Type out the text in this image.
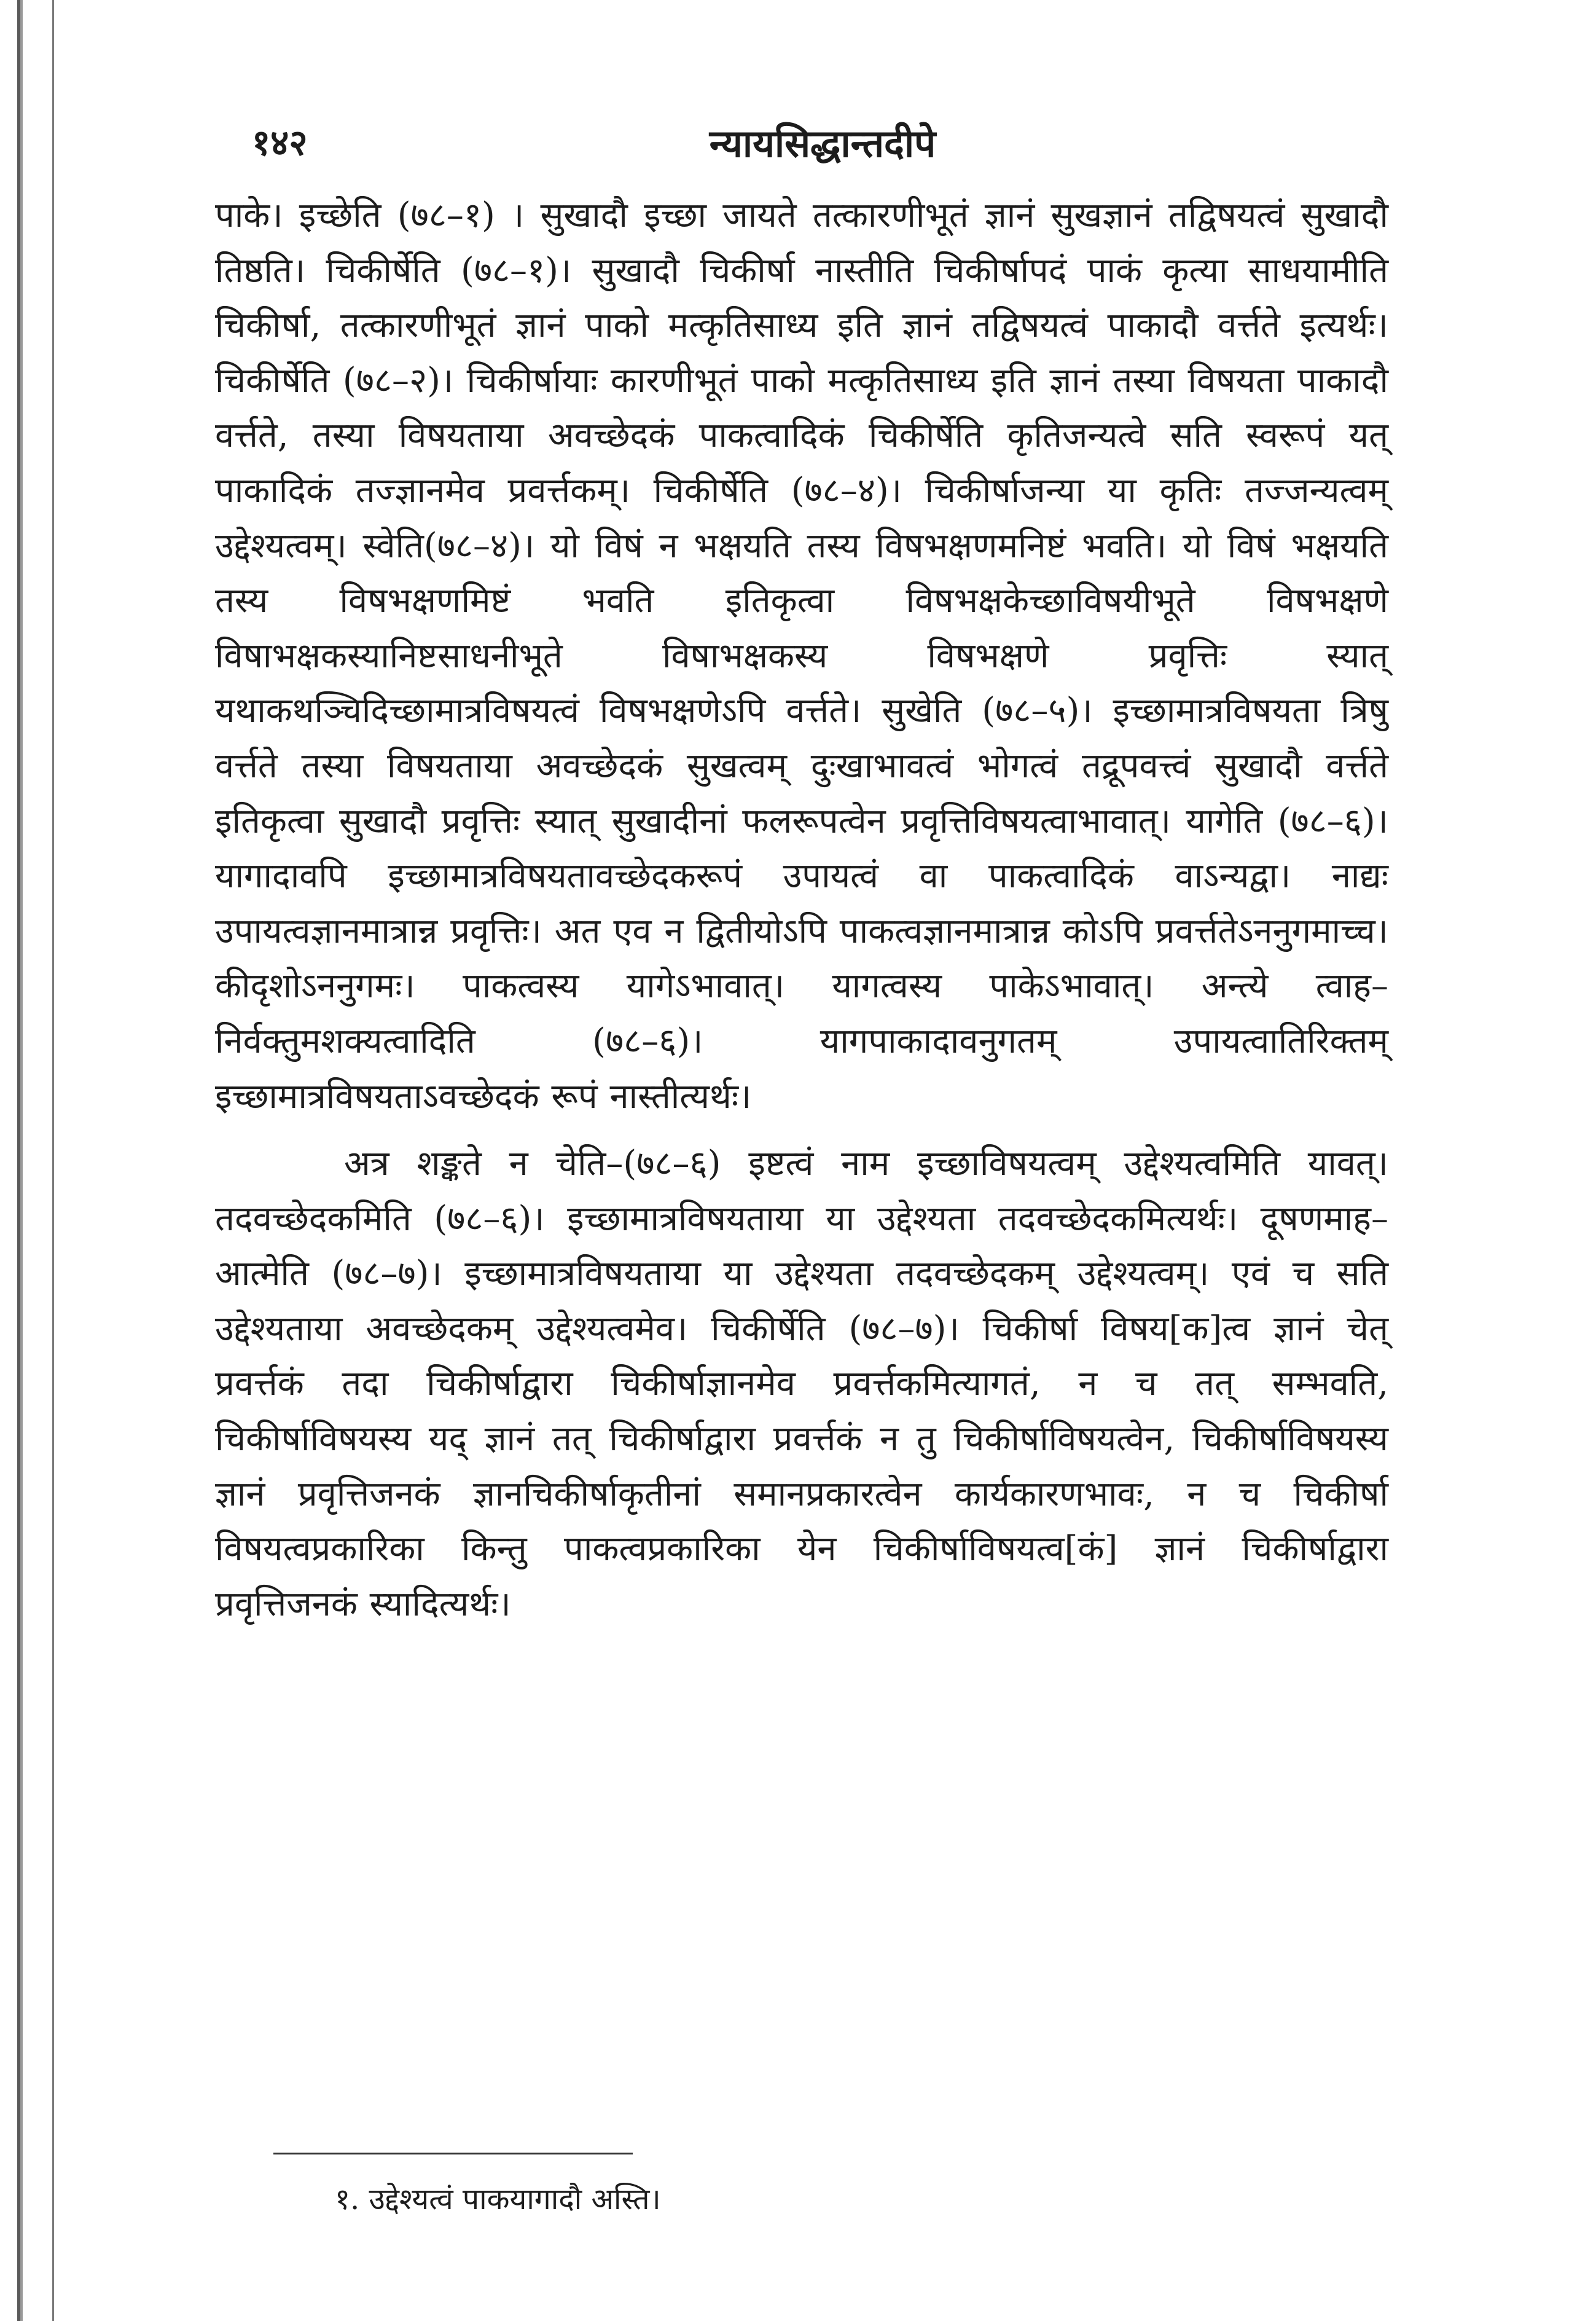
१४२	न्यायसिद्धान्तदीपे

पाके। इच्छेति (७८–१) । सुखादौ इच्छा जायते तत्कारणीभूतं ज्ञानं सुखज्ञानं तद्विषयत्वं सुखादौ तिष्ठति। चिकीर्षेति (७८–१)। सुखादौ चिकीर्षा नास्तीति चिकीर्षापदं पाकं कृत्या साधयामीति चिकीर्षा, तत्कारणीभूतं ज्ञानं पाको मत्कृतिसाध्य इति ज्ञानं तद्विषयत्वं पाकादौ वर्त्तते इत्यर्थः। चिकीर्षेति (७८–२)। चिकीर्षायाः कारणीभूतं पाको मत्कृतिसाध्य इति ज्ञानं तस्या विषयता पाकादौ वर्त्तते, तस्या विषयताया अवच्छेदकं पाकत्वादिकं चिकीर्षेति कृतिजन्यत्वे सति स्वरूपं यत् पाकादिकं तज्ज्ञानमेव प्रवर्त्तकम्। चिकीर्षेति (७८–४)। चिकीर्षाजन्या या कृतिः तज्जन्यत्वम् उद्देश्यत्वम्। स्वेति(७८–४)। यो विषं न भक्षयति तस्य विषभक्षणमनिष्टं भवति। यो विषं भक्षयति तस्य विषभक्षणमिष्टं भवति इतिकृत्वा विषभक्षकेच्छाविषयीभूते विषभक्षणे विषाभक्षकस्यानिष्टसाधनीभूते विषाभक्षकस्य विषभक्षणे प्रवृत्तिः स्यात् यथाकथञ्चिदिच्छामात्रविषयत्वं विषभक्षणेऽपि वर्त्तते। सुखेति (७८–५)। इच्छामात्रविषयता त्रिषु वर्त्तते तस्या विषयताया अवच्छेदकं सुखत्वम् दुःखाभावत्वं भोगत्वं तद्रूपवत्त्वं सुखादौ वर्त्तते इतिकृत्वा सुखादौ प्रवृत्तिः स्यात् सुखादीनां फलरूपत्वेन प्रवृत्तिविषयत्वाभावात्। यागेति (७८–६)। यागादावपि इच्छामात्रविषयतावच्छेदकरूपं उपायत्वं वा पाकत्वादिकं वाऽन्यद्वा। नाद्यः उपायत्वज्ञानमात्रान्न प्रवृत्तिः। अत एव न द्वितीयोऽपि पाकत्वज्ञानमात्रान्न कोऽपि प्रवर्त्ततेऽननुगमाच्च। कीदृशोऽननुगमः। पाकत्वस्य यागेऽभावात्। यागत्वस्य पाकेऽभावात्। अन्त्ये त्वाह–निर्वक्तुमशक्यत्वादिति (७८–६)। यागपाकादावनुगतम् उपायत्वातिरिक्तम् इच्छामात्रविषयताऽवच्छेदकं रूपं नास्तीत्यर्थः।

अत्र शङ्कते न चेति–(७८–६) इष्टत्वं नाम इच्छाविषयत्वम् उद्देश्यत्वमिति यावत्। तदवच्छेदकमिति (७८–६)। इच्छामात्रविषयताया या उद्देश्यता तदवच्छेदकमित्यर्थः। दूषणमाह–आत्मेति (७८–७)। इच्छामात्रविषयताया या उद्देश्यता तदवच्छेदकम् उद्देश्यत्वम्। एवं च सति उद्देश्यताया अवच्छेदकम् उद्देश्यत्वमेव। चिकीर्षेति (७८–७)। चिकीर्षा विषय[क]त्व ज्ञानं चेत् प्रवर्त्तकं तदा चिकीर्षाद्वारा चिकीर्षाज्ञानमेव प्रवर्त्तकमित्यागतं, न च तत् सम्भवति, चिकीर्षाविषयस्य यद् ज्ञानं तत् चिकीर्षाद्वारा प्रवर्त्तकं न तु चिकीर्षाविषयत्वेन, चिकीर्षाविषयस्य ज्ञानं प्रवृत्तिजनकं ज्ञानचिकीर्षाकृतीनां समानप्रकारत्वेन कार्यकारणभावः, न च चिकीर्षा विषयत्वप्रकारिका किन्तु पाकत्वप्रकारिका येन चिकीर्षाविषयत्व[कं] ज्ञानं चिकीर्षाद्वारा प्रवृत्तिजनकं स्यादित्यर्थः।

१. उद्देश्यत्वं पाकयागादौ अस्ति।
